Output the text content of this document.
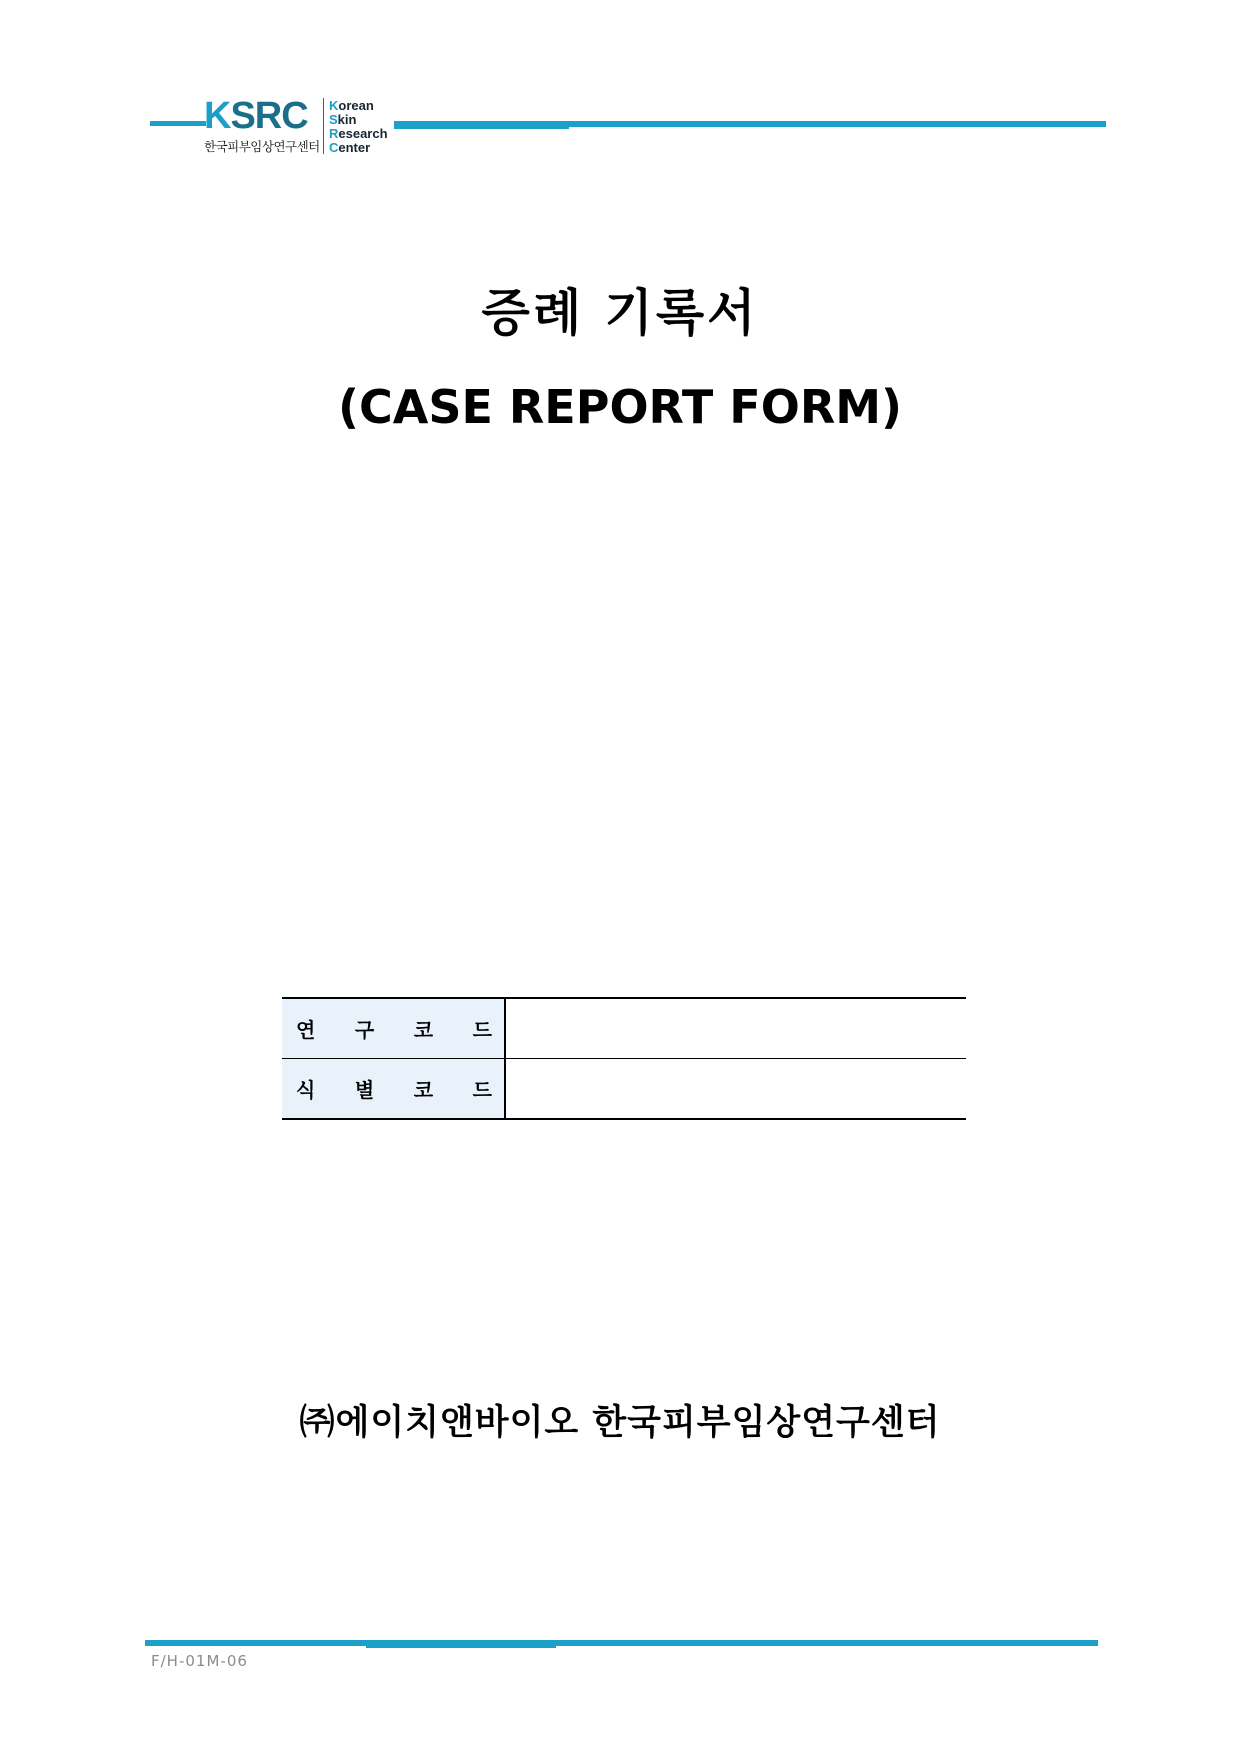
KSRC
한국피부임상연구센터
Korean
Skin
Research
Center
증례 기록서
(CASE REPORT FORM)
연 구 코 드	

식 별 코 드	

㈜에이치앤바이오 한국피부임상연구센터
F/H-01M-06
